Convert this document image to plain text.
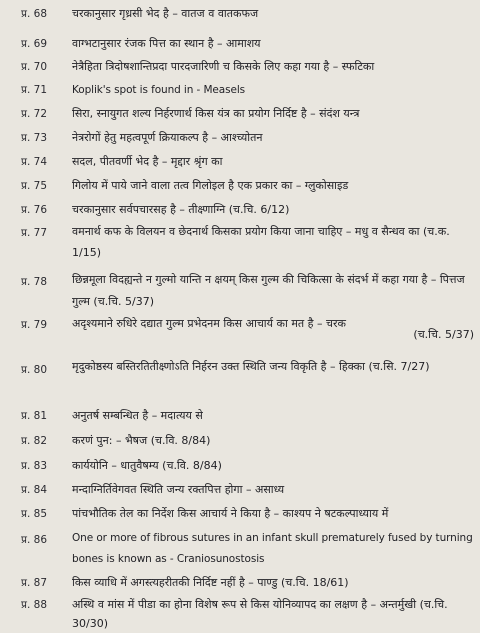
प्र. 68 चरकानुसार गृध्रसी भेद है – वातज व वातकफज
प्र. 69 वाग्भटानुसार रंजक पित्त का स्थान है – आमाशय
प्र. 70 नेत्रैहिता त्रिदोषशान्तिप्रदा पारदजारिणी च किसके लिए कहा गया है – स्फटिका
प्र. 71 Koplik's spot is found in - Measels
प्र. 72 सिरा, स्नायुगत शल्य निर्हरणार्थ किस यंत्र का प्रयोग निर्दिष्ट है – संदंश यन्त्र
प्र. 73 नेत्ररोगों हेतु महत्वपूर्ण क्रियाकल्प है – आश्च्योतन
प्र. 74 सदल, पीतवर्णी भेद है – मृद्दार श्रृंग का
प्र. 75 गिलोय में पाये जाने वाला तत्व गिलोइल है एक प्रकार का – ग्लुकोसाइड
प्र. 76 चरकानुसार सर्वपचारसह है – तीक्ष्णाग्नि (च.चि. 6/12)
प्र. 77 वमनार्थ कफ के विलयन व छेदनार्थ किसका प्रयोग किया जाना चाहिए – मधु व सैन्धव का (च.क. 1/15)
प्र. 78 छिन्नमूला विदह्यन्ते न गुल्मो यान्ति न क्षयम् किस गुल्म की चिकित्सा के संदर्भ में कहा गया है – पित्तज गुल्म (च.चि. 5/37)
प्र. 79 अदृश्यमाने रुधिरे दद्यात गुल्म प्रभेदनम किस आचार्य का मत है – चरक
(च.चि. 5/37)
प्र. 80 मृदुकोष्ठस्य बस्तिरतितीक्ष्णोऽति निर्हरन उक्त स्थिति जन्य विकृति है – हिक्का (च.सि. 7/27)
प्र. 81 अनुतर्ष सम्बन्धित है – मदात्यय से
प्र. 82 करणं पुन: – भैषज (च.वि. 8/84)
प्र. 83 कार्ययोनि – धातुवैषम्य (च.वि. 8/84)
प्र. 84 मन्दाग्निर्तिवेगवत स्थिति जन्य रक्तपित्त होगा – असाध्य
प्र. 85 पांचभौतिक तेल का निर्देश किस आचार्य ने किया है – काश्यप ने षटकल्पाध्याय में
प्र. 86 One or more of fibrous sutures in an infant skull prematurely fused by turning bones is known as - Craniosunostosis
प्र. 87 किस व्याधि में अगस्त्यहरीतकी निर्दिष्ट नहीं है – पाण्डु (च.चि. 18/61)
प्र. 88 अस्थि व मांस में पीडा का होना विशेष रूप से किस योनिव्यापद का लक्षण है – अन्तर्मुखी (च.चि. 30/30)
